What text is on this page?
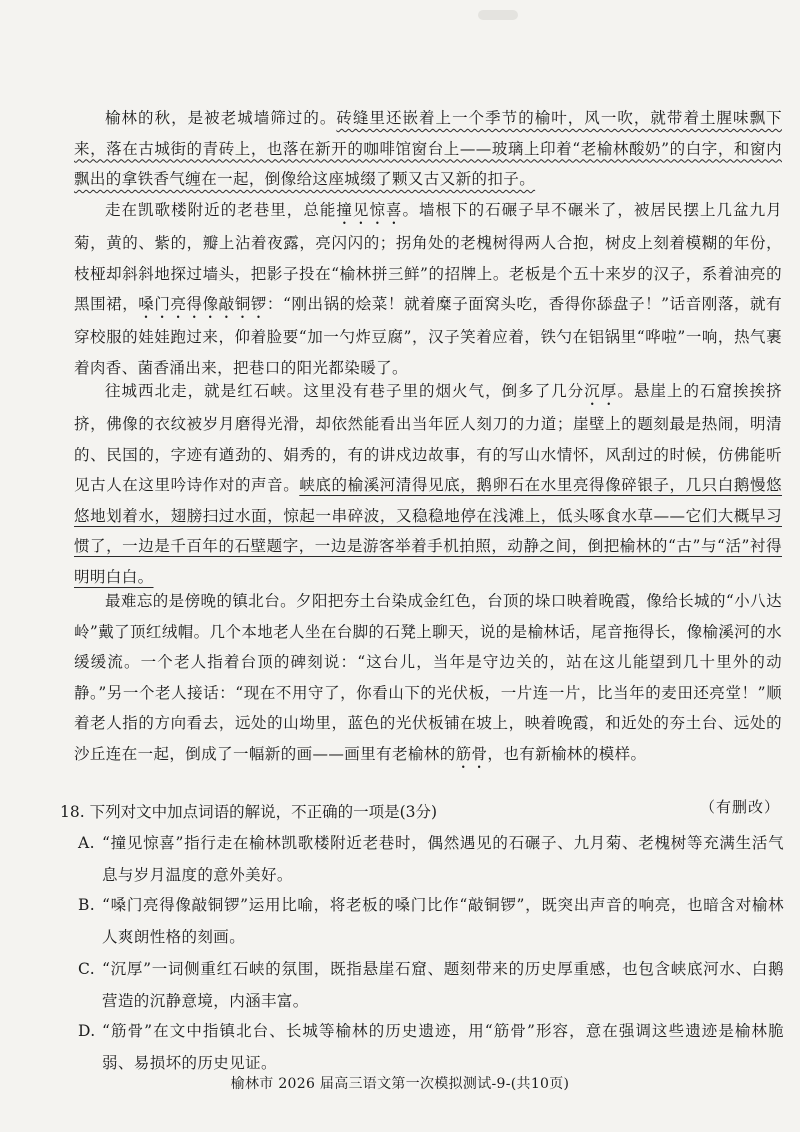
榆林的秋，是被老城墙筛过的。砖缝里还嵌着上一个季节的榆叶，风一吹，就带着土腥味飘下来，落在古城街的青砖上，也落在新开的咖啡馆窗台上——玻璃上印着“老榆林酸奶”的白字，和窗内飘出的拿铁香气缠在一起，倒像给这座城缀了颗又古又新的扣子。

走在凯歌楼附近的老巷里，总能撞见惊喜。墙根下的石碾子早不碾米了，被居民摆上几盆九月菊，黄的、紫的，瓣上沾着夜露，亮闪闪的；拐角处的老槐树得两人合抱，树皮上刻着模糊的年份，枝桠却斜斜地探过墙头，把影子投在“榆林拼三鲜”的招牌上。老板是个五十来岁的汉子，系着油亮的黑围裙，嗓门亮得像敲铜锣：“刚出锅的烩菜！就着糜子面窝头吃，香得你舔盘子！”话音刚落，就有穿校服的娃娃跑过来，仰着脸要“加一勺炸豆腐”，汉子笑着应着，铁勺在铝锅里“哗啦”一响，热气裹着肉香、菌香涌出来，把巷口的阳光都染暖了。

往城西北走，就是红石峡。这里没有巷子里的烟火气，倒多了几分沉厚。悬崖上的石窟挨挨挤挤，佛像的衣纹被岁月磨得光滑，却依然能看出当年匠人刻刀的力道；崖壁上的题刻最是热闹，明清的、民国的，字迹有遒劲的、娟秀的，有的讲戍边故事，有的写山水情怀，风刮过的时候，仿佛能听见古人在这里吟诗作对的声音。峡底的榆溪河清得见底，鹅卵石在水里亮得像碎银子，几只白鹅慢悠悠地划着水，翅膀扫过水面，惊起一串碎波，又稳稳地停在浅滩上，低头啄食水草——它们大概早习惯了，一边是千百年的石壁题字，一边是游客举着手机拍照，动静之间，倒把榆林的“古”与“活”衬得明明白白。

最难忘的是傍晚的镇北台。夕阳把夯土台染成金红色，台顶的垛口映着晚霞，像给长城的“小八达岭”戴了顶红绒帽。几个本地老人坐在台脚的石凳上聊天，说的是榆林话，尾音拖得长，像榆溪河的水缓缓流。一个老人指着台顶的碑刻说：“这台儿，当年是守边关的，站在这儿能望到几十里外的动静。”另一个老人接话：“现在不用守了，你看山下的光伏板，一片连一片，比当年的麦田还亮堂！”顺着老人指的方向看去，远处的山坳里，蓝色的光伏板铺在坡上，映着晚霞，和近处的夯土台、远处的沙丘连在一起，倒成了一幅新的画——画里有老榆林的筋骨，也有新榆林的模样。

（有删改）

18. 下列对文中加点词语的解说，不正确的一项是(3分)

A. “撞见惊喜”指行走在榆林凯歌楼附近老巷时，偶然遇见的石碾子、九月菊、老槐树等充满生活气息与岁月温度的意外美好。

B. “嗓门亮得像敲铜锣”运用比喻，将老板的嗓门比作“敲铜锣”，既突出声音的响亮，也暗含对榆林人爽朗性格的刻画。

C. “沉厚”一词侧重红石峡的氛围，既指悬崖石窟、题刻带来的历史厚重感，也包含峡底河水、白鹅营造的沉静意境，内涵丰富。

D. “筋骨”在文中指镇北台、长城等榆林的历史遗迹，用“筋骨”形容，意在强调这些遗迹是榆林脆弱、易损坏的历史见证。

榆林市 2026 届高三语文第一次模拟测试-9-(共10页)
